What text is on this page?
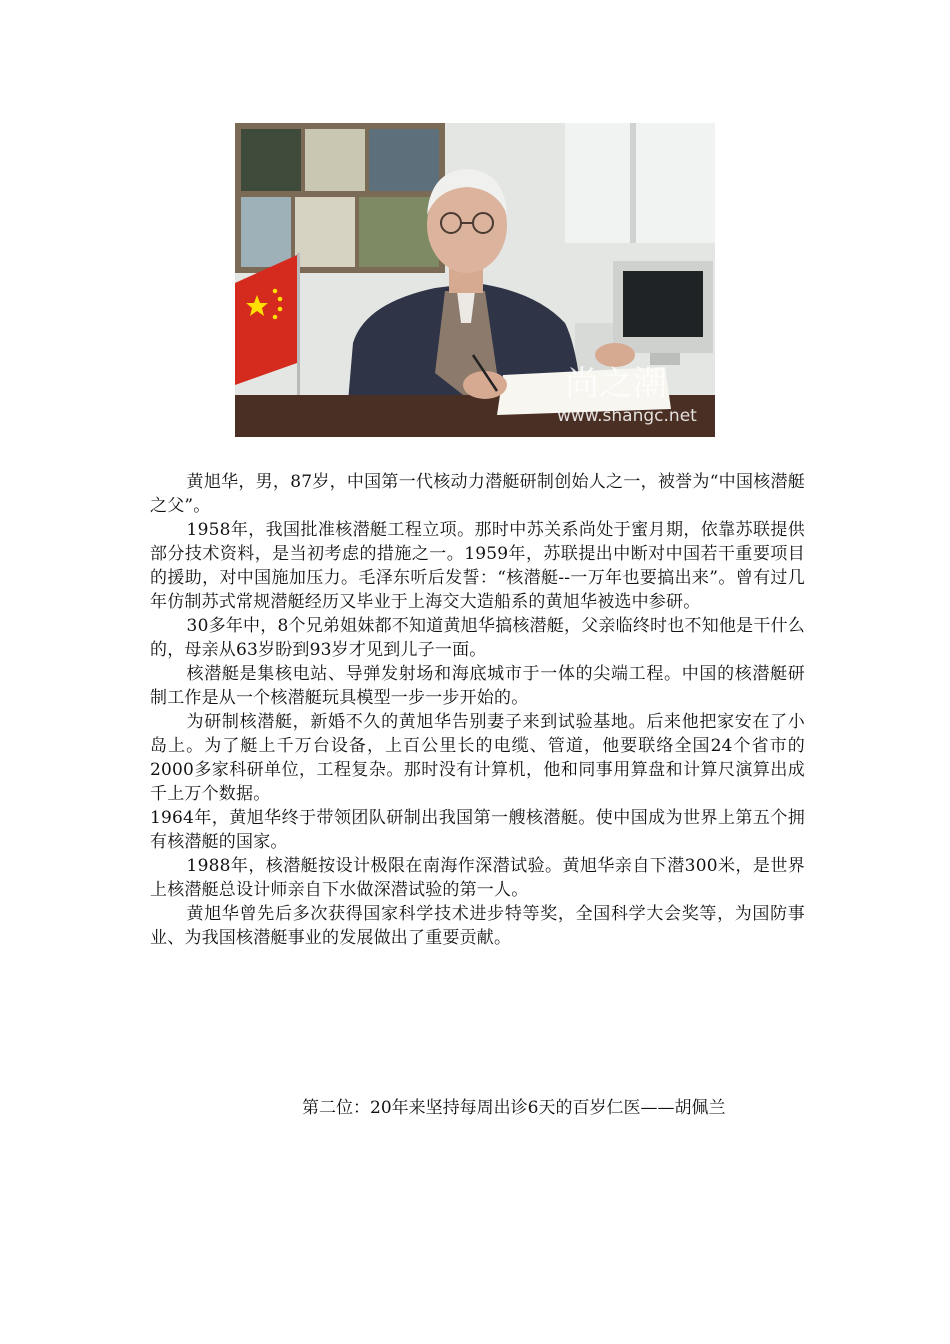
尚之潮
www.shangc.net

黄旭华，男，87岁，中国第一代核动力潜艇研制创始人之一，被誉为“中国核潜艇之父”。

1958年，我国批准核潜艇工程立项。那时中苏关系尚处于蜜月期，依靠苏联提供部分技术资料，是当初考虑的措施之一。1959年，苏联提出中断对中国若干重要项目的援助，对中国施加压力。毛泽东听后发誓：“核潜艇--一万年也要搞出来”。曾有过几年仿制苏式常规潜艇经历又毕业于上海交大造船系的黄旭华被选中参研。

30多年中，8个兄弟姐妹都不知道黄旭华搞核潜艇，父亲临终时也不知他是干什么的，母亲从63岁盼到93岁才见到儿子一面。

核潜艇是集核电站、导弹发射场和海底城市于一体的尖端工程。中国的核潜艇研制工作是从一个核潜艇玩具模型一步一步开始的。

为研制核潜艇，新婚不久的黄旭华告别妻子来到试验基地。后来他把家安在了小岛上。为了艇上千万台设备，上百公里长的电缆、管道，他要联络全国24个省市的2000多家科研单位，工程复杂。那时没有计算机，他和同事用算盘和计算尺演算出成千上万个数据。

1964年，黄旭华终于带领团队研制出我国第一艘核潜艇。使中国成为世界上第五个拥有核潜艇的国家。

1988年，核潜艇按设计极限在南海作深潜试验。黄旭华亲自下潜300米，是世界上核潜艇总设计师亲自下水做深潜试验的第一人。

黄旭华曾先后多次获得国家科学技术进步特等奖，全国科学大会奖等，为国防事业、为我国核潜艇事业的发展做出了重要贡献。

第二位：20年来坚持每周出诊6天的百岁仁医——胡佩兰
